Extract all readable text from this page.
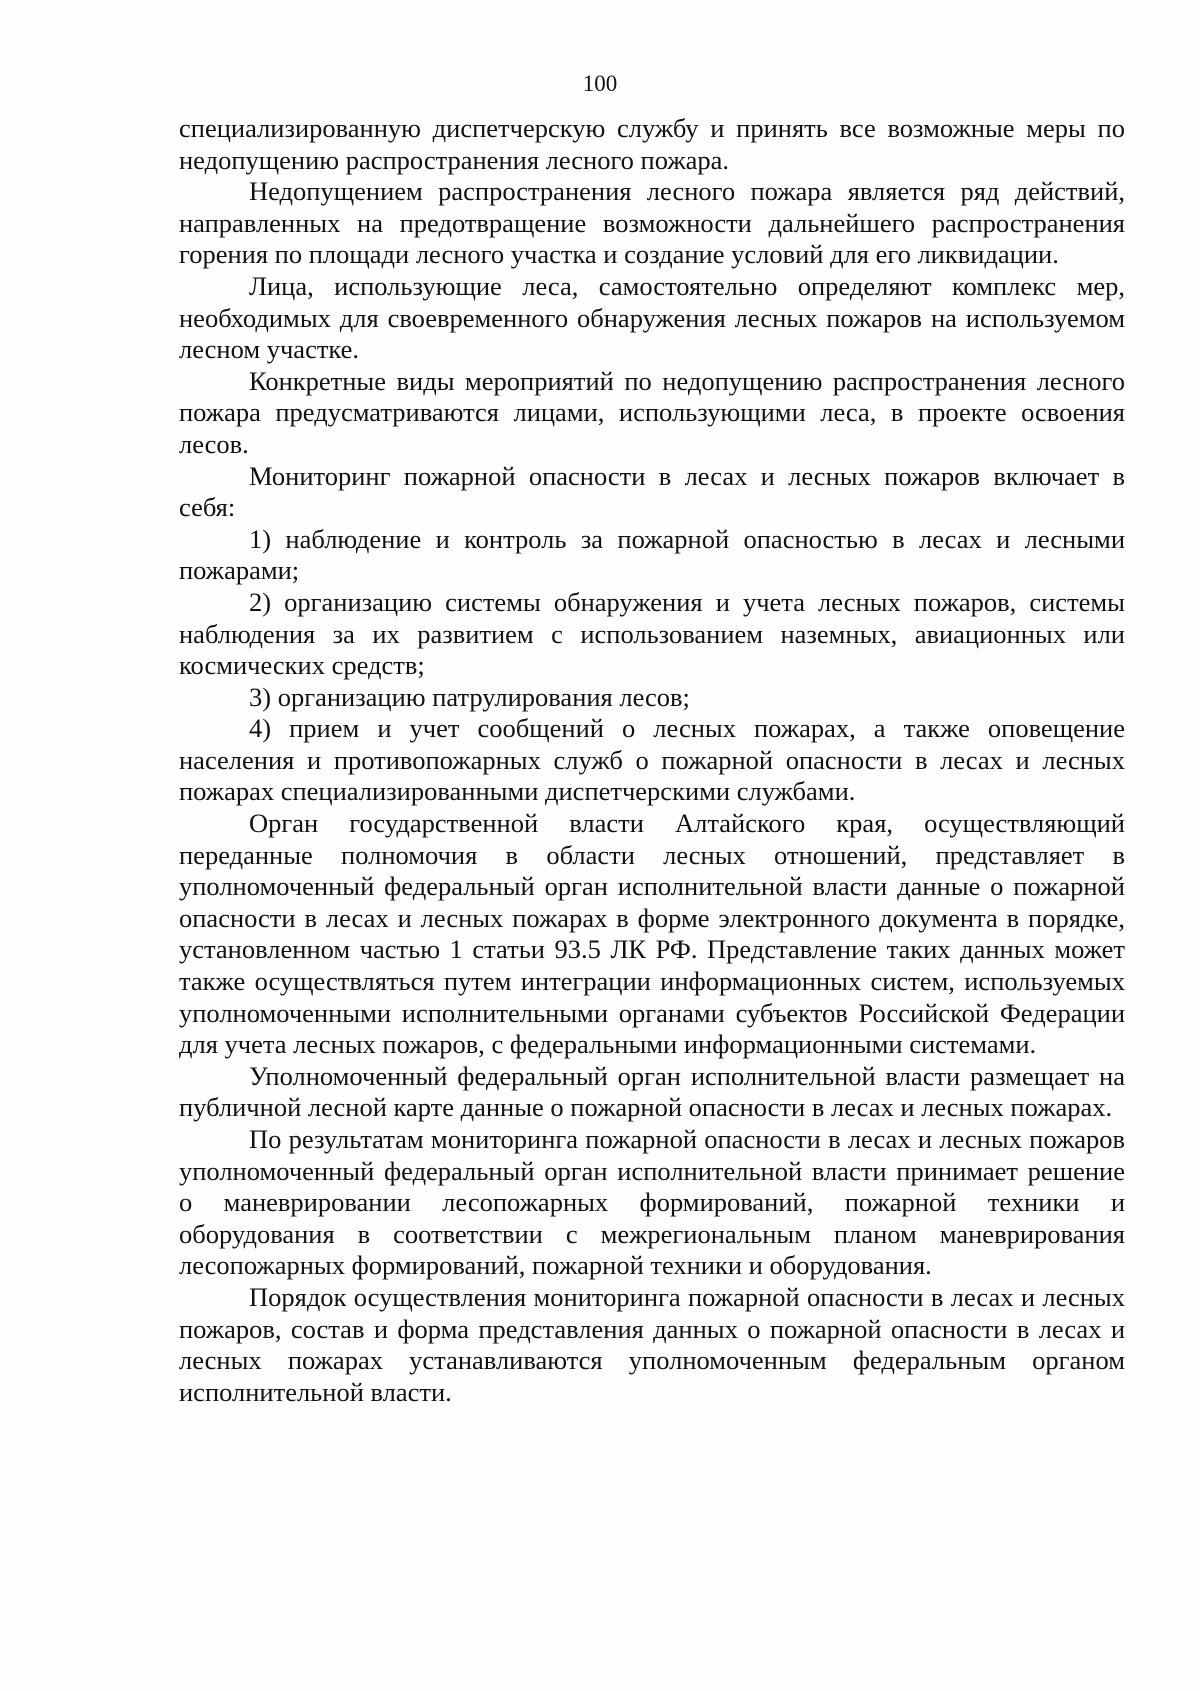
100

специализированную диспетчерскую службу и принять все возможные меры по недопущению распространения лесного пожара.

Недопущением распространения лесного пожара является ряд действий, направленных на предотвращение возможности дальнейшего распространения горения по площади лесного участка и создание условий для его ликвидации.

Лица, использующие леса, самостоятельно определяют комплекс мер, необходимых для своевременного обнаружения лесных пожаров на используемом лесном участке.

Конкретные виды мероприятий по недопущению распространения лесного пожара предусматриваются лицами, использующими леса, в проекте освоения лесов.

Мониторинг пожарной опасности в лесах и лесных пожаров включает в себя:

1) наблюдение и контроль за пожарной опасностью в лесах и лесными пожарами;

2) организацию системы обнаружения и учета лесных пожаров, системы наблюдения за их развитием с использованием наземных, авиационных или космических средств;

3) организацию патрулирования лесов;

4) прием и учет сообщений о лесных пожарах, а также оповещение населения и противопожарных служб о пожарной опасности в лесах и лесных пожарах специализированными диспетчерскими службами.

Орган государственной власти Алтайского края, осуществляющий переданные полномочия в области лесных отношений, представляет в уполномоченный федеральный орган исполнительной власти данные о пожарной опасности в лесах и лесных пожарах в форме электронного документа в порядке, установленном частью 1 статьи 93.5 ЛК РФ. Представление таких данных может также осуществляться путем интеграции информационных систем, используемых уполномоченными исполнительными органами субъектов Российской Федерации для учета лесных пожаров, с федеральными информационными системами.

Уполномоченный федеральный орган исполнительной власти размещает на публичной лесной карте данные о пожарной опасности в лесах и лесных пожарах.

По результатам мониторинга пожарной опасности в лесах и лесных пожаров уполномоченный федеральный орган исполнительной власти принимает решение о маневрировании лесопожарных формирований, пожарной техники и оборудования в соответствии с межрегиональным планом маневрирования лесопожарных формирований, пожарной техники и оборудования.

Порядок осуществления мониторинга пожарной опасности в лесах и лесных пожаров, состав и форма представления данных о пожарной опасности в лесах и лесных пожарах устанавливаются уполномоченным федеральным органом исполнительной власти.
